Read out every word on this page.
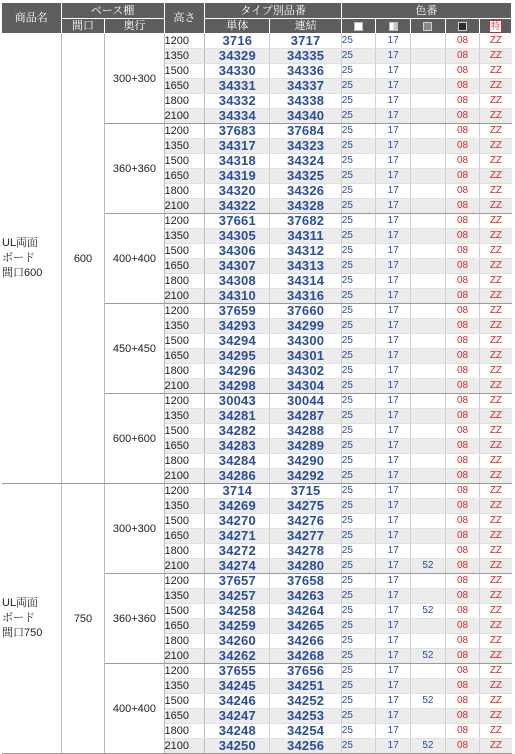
商品名	ベース棚		高さ	タイプ別品番		色番				
	間口	奥行		単体	連結					特

UL両面
ボード
間口600	600	300+300	1200	3716	3717	25	17		08	ZZ
			1350	34329	34335	25	17		08	ZZ
			1500	34330	34336	25	17		08	ZZ
			1650	34331	34337	25	17		08	ZZ
			1800	34332	34338	25	17		08	ZZ
			2100	34334	34340	25	17		08	ZZ
		360+360	1200	37683	37684	25	17		08	ZZ
			1350	34317	34323	25	17		08	ZZ
			1500	34318	34324	25	17		08	ZZ
			1650	34319	34325	25	17		08	ZZ
			1800	34320	34326	25	17		08	ZZ
			2100	34322	34328	25	17		08	ZZ
		400+400	1200	37661	37682	25	17		08	ZZ
			1350	34305	34311	25	17		08	ZZ
			1500	34306	34312	25	17		08	ZZ
			1650	34307	34313	25	17		08	ZZ
			1800	34308	34314	25	17		08	ZZ
			2100	34310	34316	25	17		08	ZZ
		450+450	1200	37659	37660	25	17		08	ZZ
			1350	34293	34299	25	17		08	ZZ
			1500	34294	34300	25	17		08	ZZ
			1650	34295	34301	25	17		08	ZZ
			1800	34296	34302	25	17		08	ZZ
			2100	34298	34304	25	17		08	ZZ
		600+600	1200	30043	30044	25	17		08	ZZ
			1350	34281	34287	25	17		08	ZZ
			1500	34282	34288	25	17		08	ZZ
			1650	34283	34289	25	17		08	ZZ
			1800	34284	34290	25	17		08	ZZ
			2100	34286	34292	25	17		08	ZZ

UL両面
ボード
間口750	750	300+300	1200	3714	3715	25	17		08	ZZ
			1350	34269	34275	25	17		08	ZZ
			1500	34270	34276	25	17		08	ZZ
			1650	34271	34277	25	17		08	ZZ
			1800	34272	34278	25	17		08	ZZ
			2100	34274	34280	25	17	52	08	ZZ
		360+360	1200	37657	37658	25	17		08	ZZ
			1350	34257	34263	25	17		08	ZZ
			1500	34258	34264	25	17	52	08	ZZ
			1650	34259	34265	25	17		08	ZZ
			1800	34260	34266	25	17		08	ZZ
			2100	34262	34268	25	17	52	08	ZZ
		400+400	1200	37655	37656	25	17		08	ZZ
			1350	34245	34251	25	17		08	ZZ
			1500	34246	34252	25	17	52	08	ZZ
			1650	34247	34253	25	17		08	ZZ
			1800	34248	34254	25	17		08	ZZ
			2100	34250	34256	25	17	52	08	ZZ
